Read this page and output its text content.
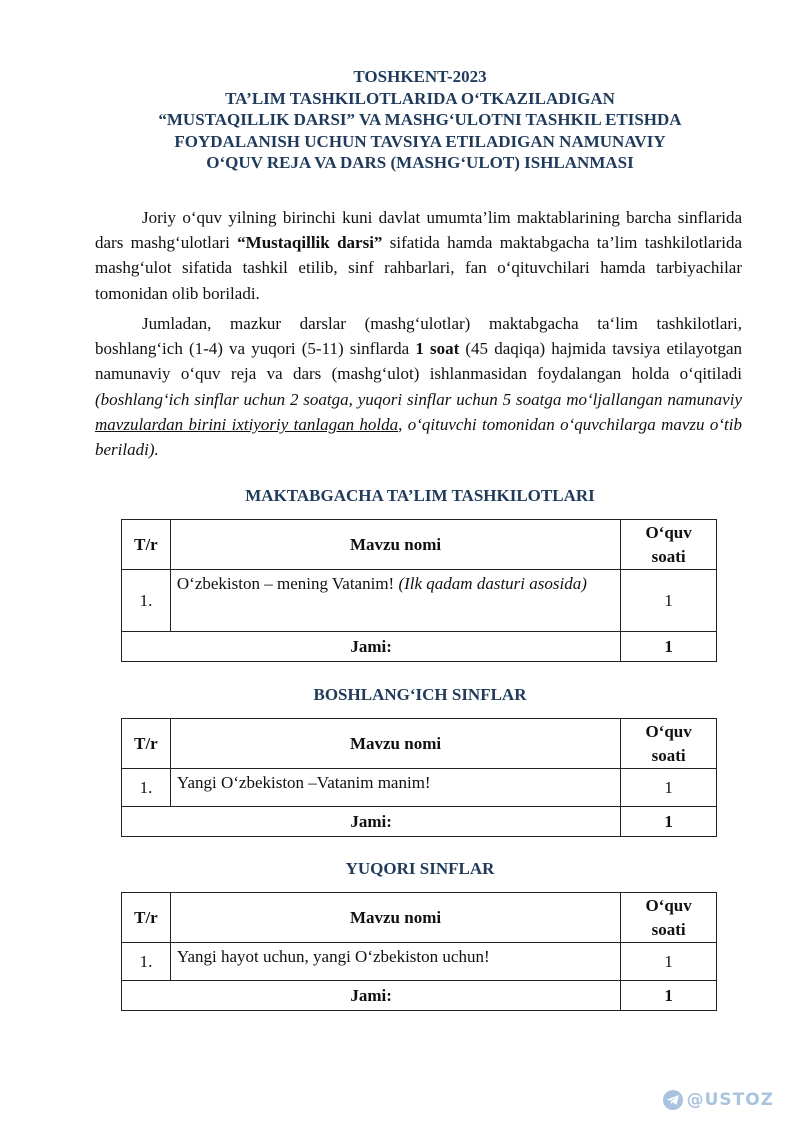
TOSHKENT-2023
TA’LIM TASHKILOTLARIDA O‘TKAZILADIGAN
“MUSTAQILLIK DARSI” VA MASHG‘ULOTNI TASHKIL ETISHDA
FOYDALANISH UCHUN TAVSIYA ETILADIGAN NAMUNAVIY
O‘QUV REJA VA DARS (MASHG‘ULOT) ISHLANMASI

Joriy o‘quv yilning birinchi kuni davlat umumta’lim maktablarining barcha sinflarida dars mashg‘ulotlari “Mustaqillik darsi” sifatida hamda maktabgacha ta’lim tashkilotlarida mashg‘ulot sifatida tashkil etilib, sinf rahbarlari, fan o‘qituvchilari hamda tarbiyachilar tomonidan olib boriladi.

Jumladan, mazkur darslar (mashg‘ulotlar) maktabgacha ta‘lim tashkilotlari, boshlang‘ich (1-4) va yuqori (5-11) sinflarda 1 soat (45 daqiqa) hajmida tavsiya etilayotgan namunaviy o‘quv reja va dars (mashg‘ulot) ishlanmasidan foydalangan holda o‘qitiladi (boshlang‘ich sinflar uchun 2 soatga, yuqori sinflar uchun 5 soatga mo‘ljallangan namunaviy mavzulardan birini ixtiyoriy tanlagan holda, o‘qituvchi tomonidan o‘quvchilarga mavzu o‘tib beriladi).

MAKTABGACHA TA’LIM TASHKILOTLARI
T/r	Mavzu nomi	O‘quv
soati
1.	O‘zbekiston – mening Vatanim! (Ilk qadam dasturi asosida)	1
Jami:		1
BOSHLANG‘ICH SINFLAR
T/r	Mavzu nomi	O‘quv
soati
1.	Yangi O‘zbekiston –Vatanim manim!	1
Jami:		1
YUQORI SINFLAR
T/r	Mavzu nomi	O‘quv
soati
1.	Yangi hayot uchun, yangi O‘zbekiston uchun!	1
Jami:		1
@USTOZ
